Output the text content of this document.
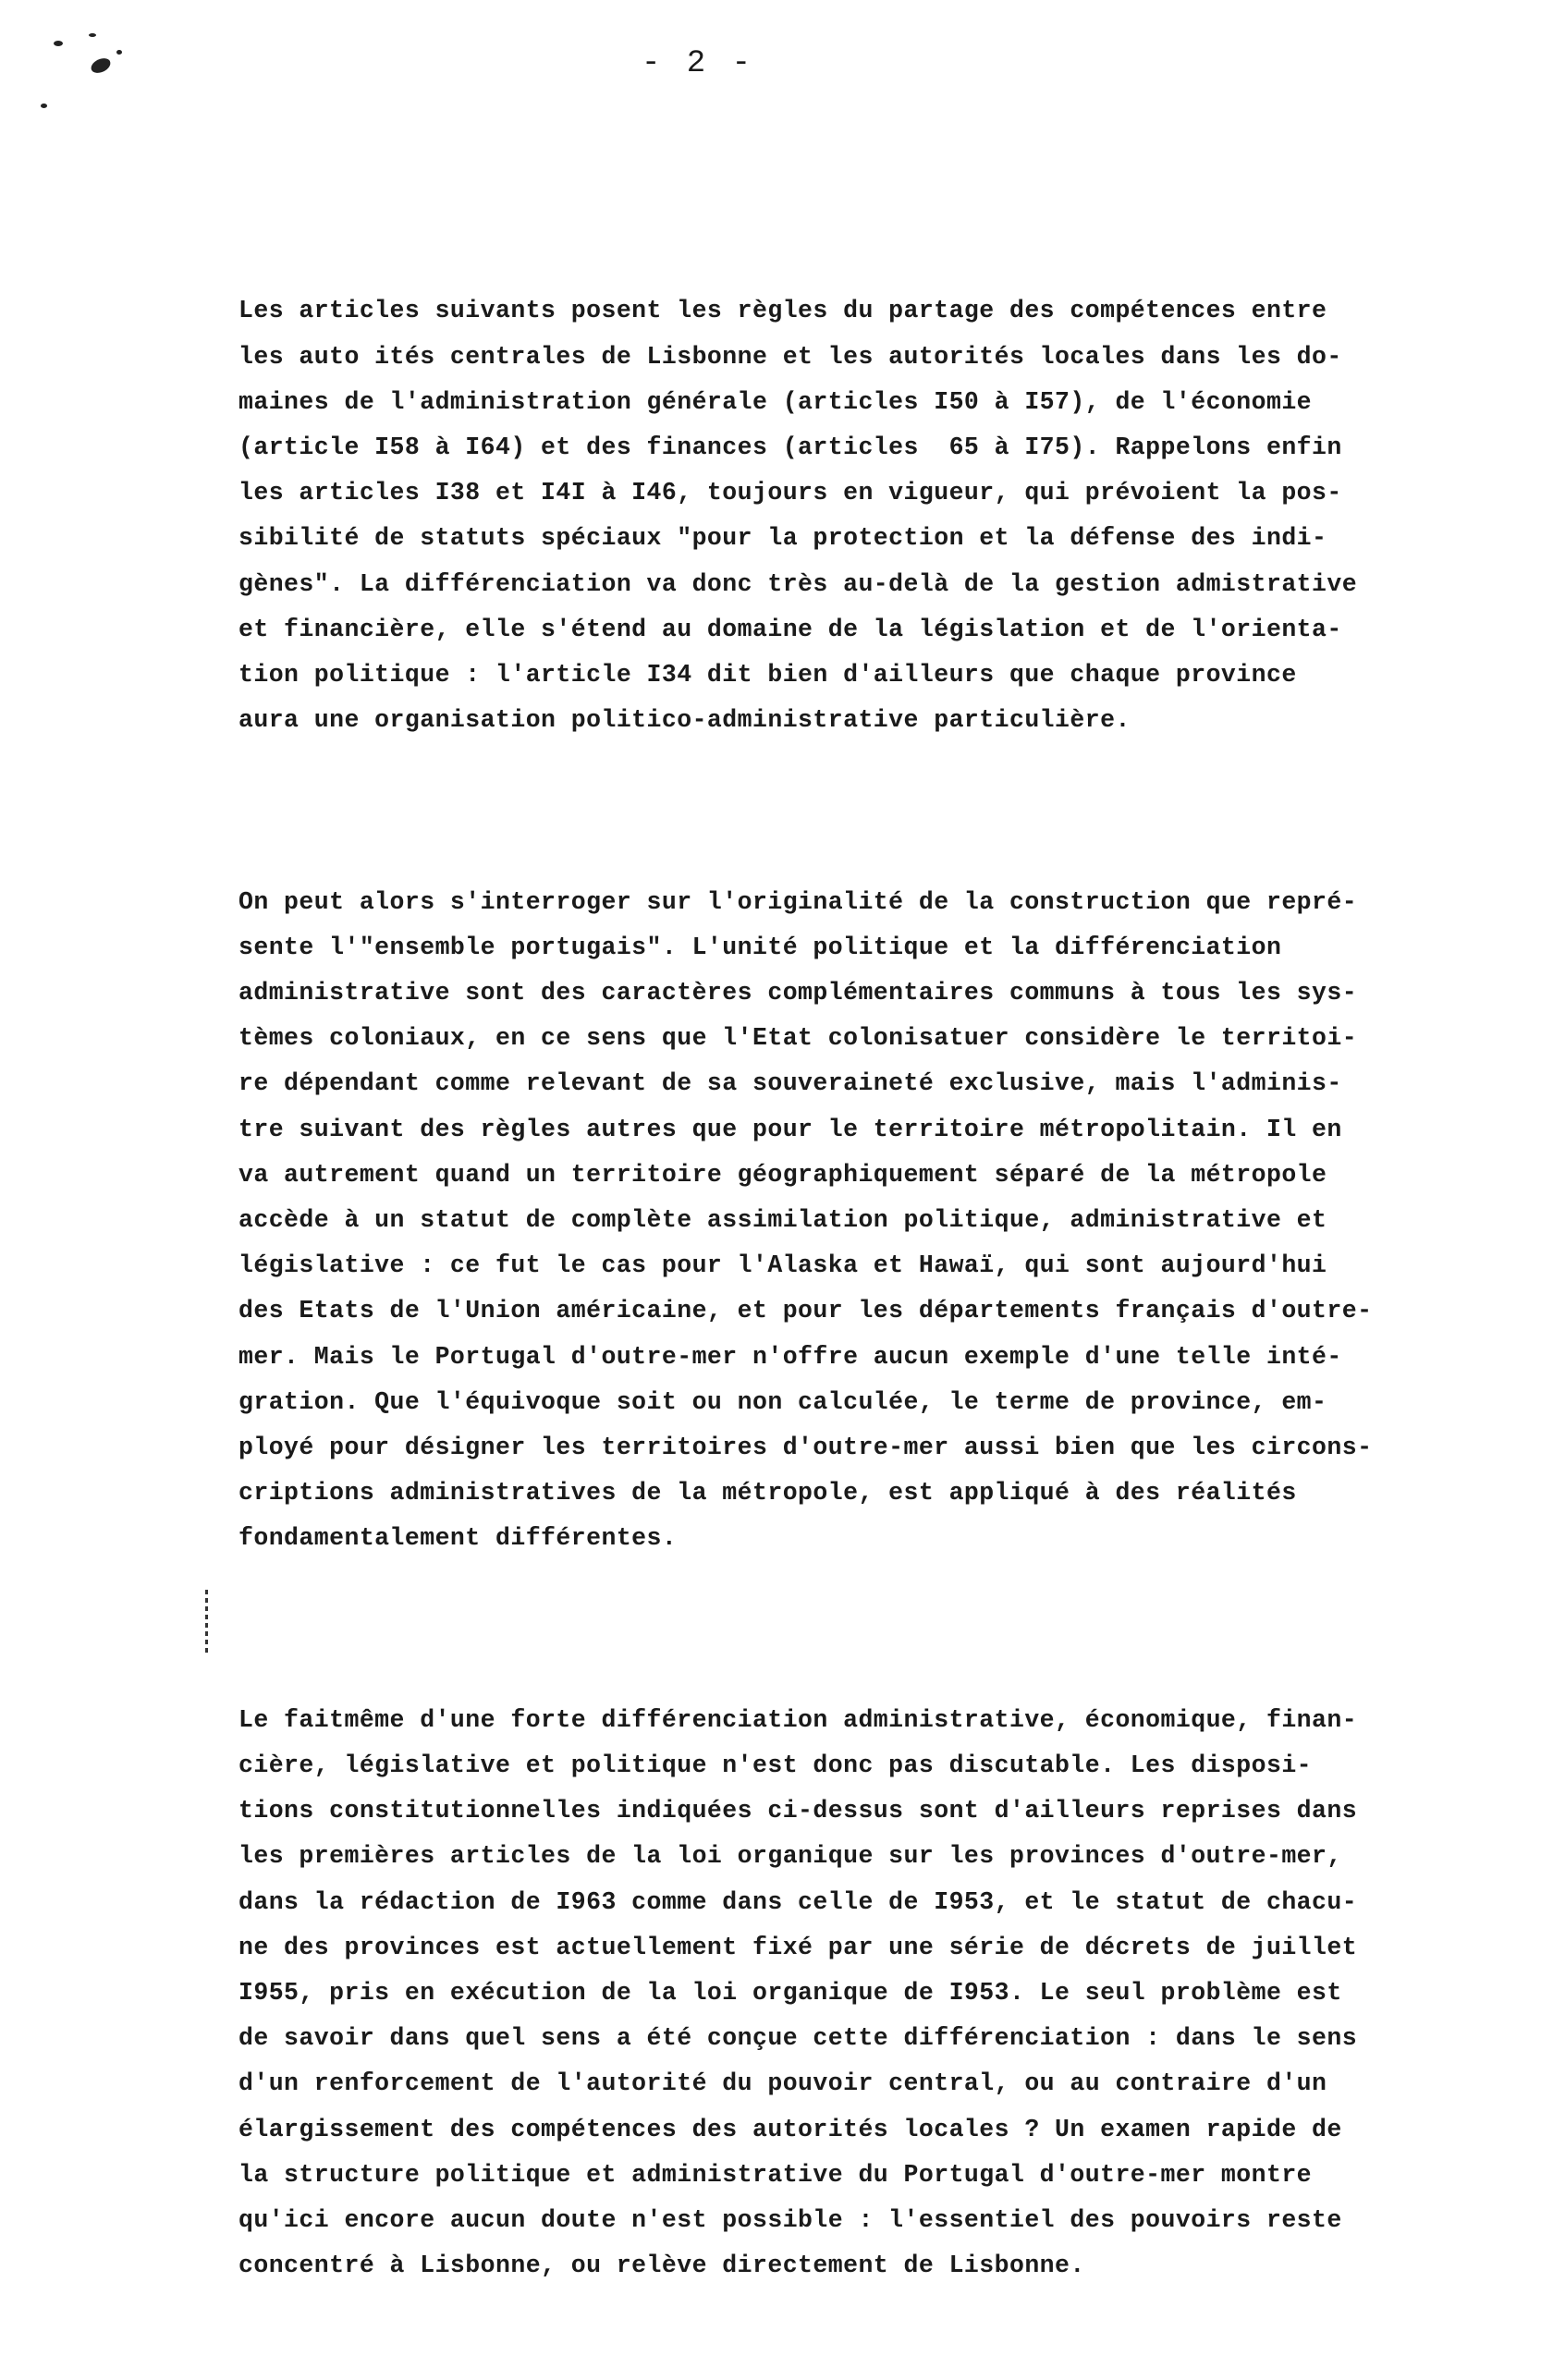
- 2 -

Les articles suivants posent les règles du partage des compétences entre
les auto ités centrales de Lisbonne et les autorités locales dans les do-
maines de l'administration générale (articles I50 à I57), de l'économie
(article I58 à I64) et des finances (articles  65 à I75). Rappelons enfin
les articles I38 et I4I à I46, toujours en vigueur, qui prévoient la pos-
sibilité de statuts spéciaux "pour la protection et la défense des indi-
gènes". La différenciation va donc très au-delà de la gestion admistrative
et financière, elle s'étend au domaine de la législation et de l'orienta-
tion politique : l'article I34 dit bien d'ailleurs que chaque province
aura une organisation politico-administrative particulière.

On peut alors s'interroger sur l'originalité de la construction que repré-
sente l'"ensemble portugais". L'unité politique et la différenciation
administrative sont des caractères complémentaires communs à tous les sys-
tèmes coloniaux, en ce sens que l'Etat colonisatuer considère le territoi-
re dépendant comme relevant de sa souveraineté exclusive, mais l'adminis-
tre suivant des règles autres que pour le territoire métropolitain. Il en
va autrement quand un territoire géographiquement séparé de la métropole
accède à un statut de complète assimilation politique, administrative et
législative : ce fut le cas pour l'Alaska et Hawaï, qui sont aujourd'hui
des Etats de l'Union américaine, et pour les départements français d'outre-
mer. Mais le Portugal d'outre-mer n'offre aucun exemple d'une telle inté-
gration. Que l'équivoque soit ou non calculée, le terme de province, em-
ployé pour désigner les territoires d'outre-mer aussi bien que les circons-
criptions administratives de la métropole, est appliqué à des réalités
fondamentalement différentes.

Le faitmême d'une forte différenciation administrative, économique, finan-
cière, législative et politique n'est donc pas discutable. Les disposi-
tions constitutionnelles indiquées ci-dessus sont d'ailleurs reprises dans
les premières articles de la loi organique sur les provinces d'outre-mer,
dans la rédaction de I963 comme dans celle de I953, et le statut de chacu-
ne des provinces est actuellement fixé par une série de décrets de juillet
I955, pris en exécution de la loi organique de I953. Le seul problème est
de savoir dans quel sens a été conçue cette différenciation : dans le sens
d'un renforcement de l'autorité du pouvoir central, ou au contraire d'un
élargissement des compétences des autorités locales ? Un examen rapide de
la structure politique et administrative du Portugal d'outre-mer montre
qu'ici encore aucun doute n'est possible : l'essentiel des pouvoirs reste
concentré à Lisbonne, ou relève directement de Lisbonne.
